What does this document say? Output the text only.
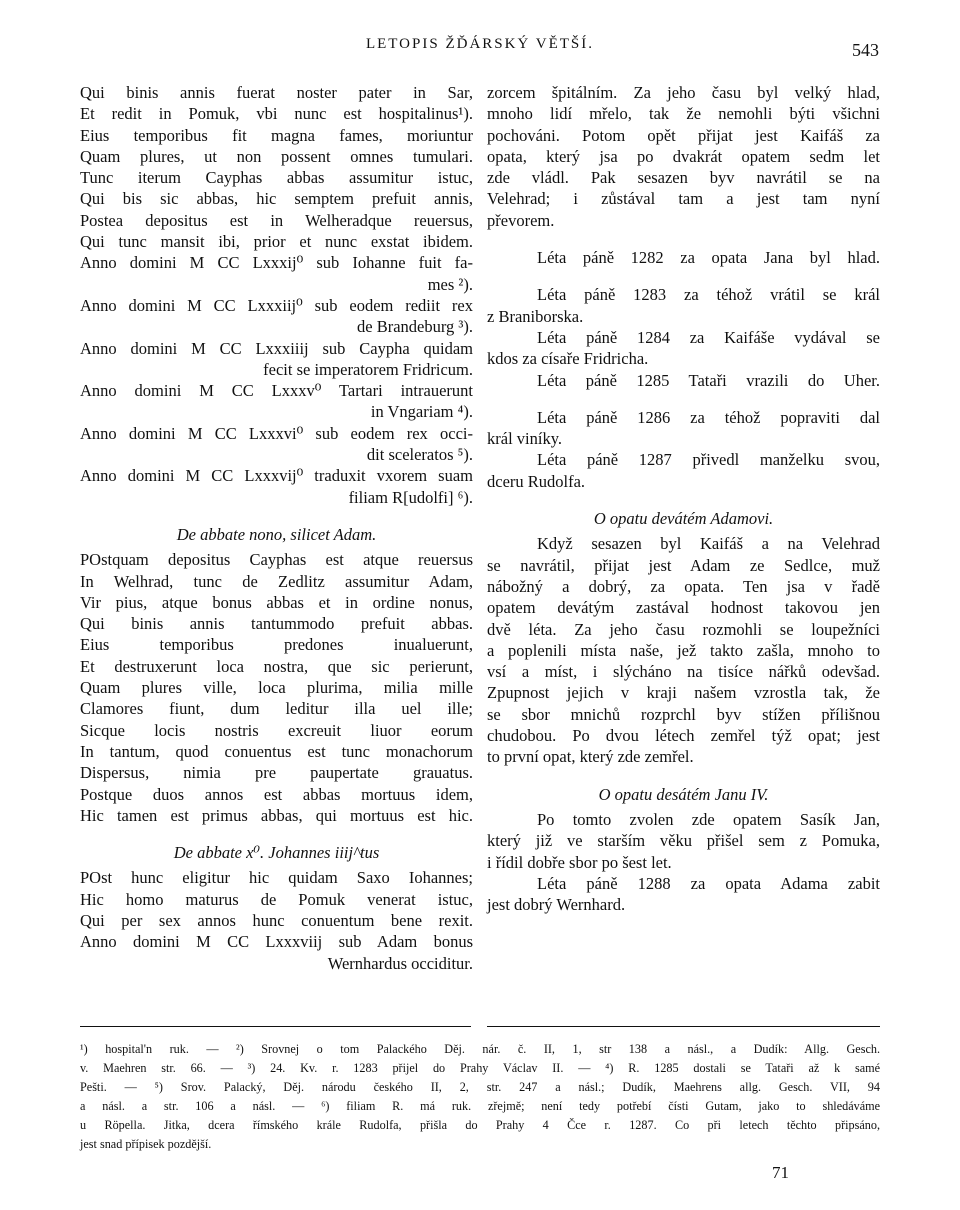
LETOPIS ŽĎÁRSKÝ VĚTŠÍ.	543
Qui binis annis fuerat noster pater in Sar,
Et redit in Pomuk, vbi nunc est hospitalinus¹).
Eius temporibus fit magna fames, moriuntur
Quam plures, ut non possent omnes tumulari.
Tunc iterum Cayphas abbas assumitur istuc,
Qui bis sic abbas, hic semptem prefuit annis,
Postea depositus est in Welheradque reuersus,
Qui tunc mansit ibi, prior et nunc exstat ibidem.
Anno domini M CC Lxxxij⁰ sub Iohanne fuit fa-
mes ²).
Anno domini M CC Lxxxiij⁰ sub eodem rediit rex
de Brandeburg ³).
Anno domini M CC Lxxxiiij sub Caypha quidam
fecit se imperatorem Fridricum.
Anno domini M CC Lxxxv⁰ Tartari intrauerunt
in Vngariam ⁴).
Anno domini M CC Lxxxvi⁰ sub eodem rex occi-
dit sceleratos ⁵).
Anno domini M CC Lxxxvij⁰ traduxit vxorem suam
filiam R[udolfi] ⁶).
De abbate nono, silicet Adam.
POstquam depositus Cayphas est atque reuersus
In Welhrad, tunc de Zedlitz assumitur Adam,
Vir pius, atque bonus abbas et in ordine nonus,
Qui binis annis tantummodo prefuit abbas.
Eius temporibus predones inualuerunt,
Et destruxerunt loca nostra, que sic perierunt,
Quam plures ville, loca plurima, milia mille
Clamores fiunt, dum leditur illa uel ille;
Sicque locis nostris excreuit liuor eorum
In tantum, quod conuentus est tunc monachorum
Dispersus, nimia pre paupertate grauatus.
Postque duos annos est abbas mortuus idem,
Hic tamen est primus abbas, qui mortuus est hic.
De abbate x⁰. Johannes iiij^tus
POst hunc eligitur hic quidam Saxo Iohannes;
Hic homo maturus de Pomuk venerat istuc,
Qui per sex annos hunc conuentum bene rexit.
Anno domini M CC Lxxxviij sub Adam bonus
Wernhardus occiditur.
zorcem špitálním. Za jeho času byl velký hlad,
mnoho lidí mřelo, tak že nemohli býti všichni
pochováni. Potom opět přijat jest Kaifáš za
opata, který jsa po dvakrát opatem sedm let
zde vládl. Pak sesazen byv navrátil se na
Velehrad; i zůstával tam a jest tam nyní
převorem.
Léta páně 1282 za opata Jana byl hlad.
Léta páně 1283 za téhož vrátil se král
z Braniborska.
Léta páně 1284 za Kaifáše vydával se
kdos za císaře Fridricha.
Léta páně 1285 Tataři vrazili do Uher.
Léta páně 1286 za téhož popraviti dal
král viníky.
Léta páně 1287 přivedl manželku svou,
dceru Rudolfa.
O opatu devátém Adamovi.
Když sesazen byl Kaifáš a na Velehrad
se navrátil, přijat jest Adam ze Sedlce, muž
nábožný a dobrý, za opata. Ten jsa v řadě
opatem devátým zastával hodnost takovou jen
dvě léta. Za jeho času rozmohli se loupežníci
a poplenili místa naše, jež takto zašla, mnoho to
vsí a míst, i slýcháno na tisíce nářků odevšad.
Zpupnost jejich v kraji našem vzrostla tak, že
se sbor mnichů rozprchl byv stížen přílišnou
chudobou. Po dvou létech zemřel týž opat; jest
to první opat, který zde zemřel.
O opatu desátém Janu IV.
Po tomto zvolen zde opatem Sasík Jan,
který již ve starším věku přišel sem z Pomuka,
i řídil dobře sbor po šest let.
Léta páně 1288 za opata Adama zabit
jest dobrý Wernhard.
¹) hospital'n ruk. — ²) Srovnej o tom Palackého Děj. nár. č. II, 1, str 138 a násl., a Dudík: Allg. Gesch.
v. Maehren str. 66. — ³) 24. Kv. r. 1283 přijel do Prahy Václav II. — ⁴) R. 1285 dostali se Tataři až k samé
Pešti. — ⁵) Srov. Palacký, Děj. národu českého II, 2, str. 247 a násl.; Dudík, Maehrens allg. Gesch. VII, 94
a násl. a str. 106 a násl. — ⁶) filiam R. má ruk. zřejmě; není tedy potřebí čísti Gutam, jako to shledáváme
u Röpella. Jitka, dcera římského krále Rudolfa, přišla do Prahy 4 Čce r. 1287. Co při letech těchto připsáno,
jest snad přípisek pozdější.
71
